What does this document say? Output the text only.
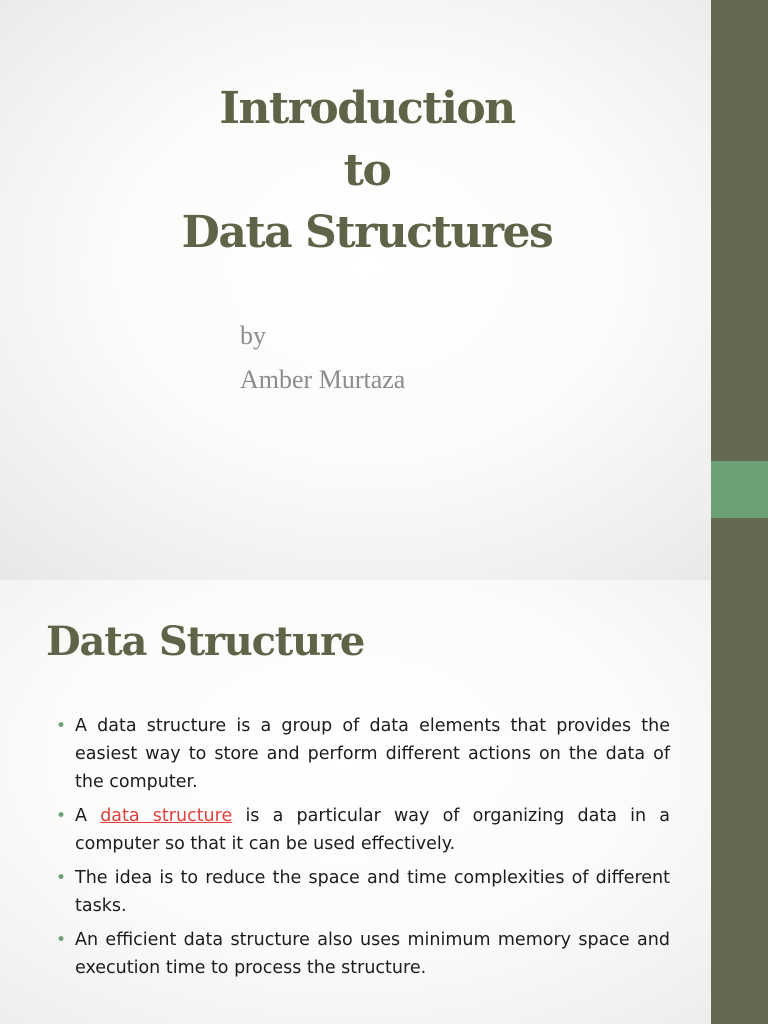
Introduction
to
Data Structures
by
Amber Murtaza
Data Structure
• A data structure is a group of data elements that provides the easiest way to store and perform different actions on the data of the computer.
• A data structure is a particular way of organizing data in a computer so that it can be used effectively.
• The idea is to reduce the space and time complexities of different tasks.
• An efficient data structure also uses minimum memory space and execution time to process the structure.
